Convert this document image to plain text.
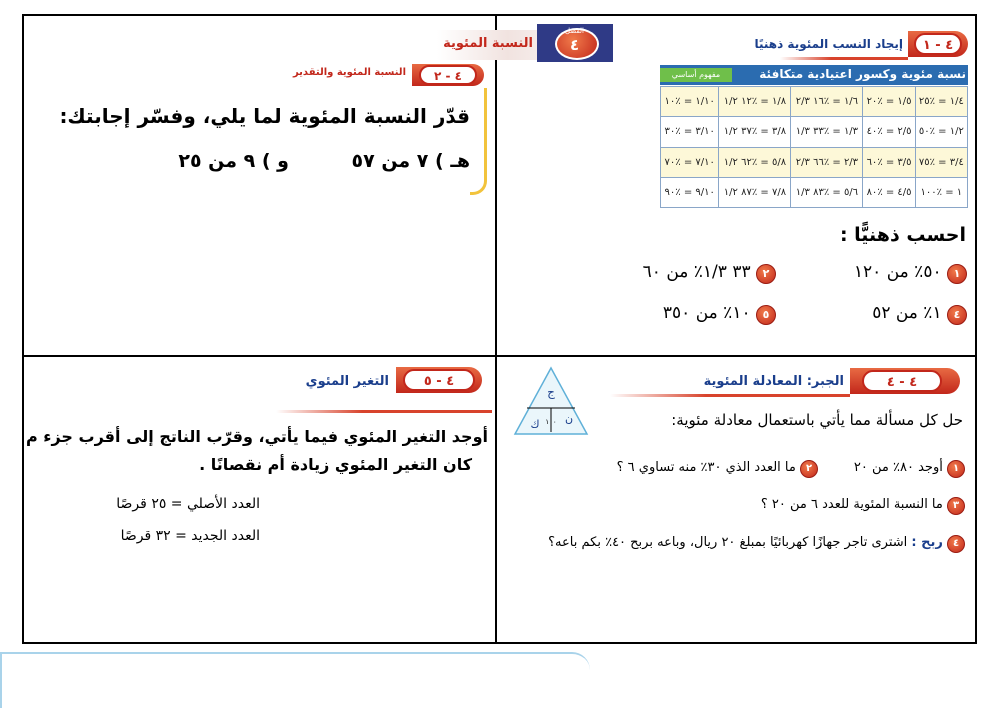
الفصل
٤
النسبة المئوية	٤ - ١
إيجاد النسب المئوية ذهنيًا
مفهوم أساسي	نسبة مئوية وكسور اعتيادية متكافئة
١/٤ = ٪٢٥	١/٥ = ٪٢٠	١/٦ = ٪١٦ ٢/٣	١/٨ = ٪١٢ ١/٢	١/١٠ = ٪١٠
١/٢ = ٪٥٠	٢/٥ = ٪٤٠	١/٣ = ٪٣٣ ١/٣	٣/٨ = ٪٣٧ ١/٢	٣/١٠ = ٪٣٠
٣/٤ = ٪٧٥	٣/٥ = ٪٦٠	٢/٣ = ٪٦٦ ٢/٣	٥/٨ = ٪٦٢ ١/٢	٧/١٠ = ٪٧٠
١ = ٪١٠٠	٤/٥ = ٪٨٠	٥/٦ = ٪٨٣ ١/٣	٧/٨ = ٪٨٧ ١/٢	٩/١٠ = ٪٩٠
احسب ذهنيًّا :
١ ٥٠٪ من ١٢٠
٢ ٣٣ ١/٣٪ من ٦٠
٤ ١٪ من ٥٢
٥ ١٠٪ من ٣٥٠
٤ - ٢
النسبة المئوية والتقدير
قدّر النسبة المئوية لما يلي، وفسّر إجابتك:
هـ ) ٧ من ٥٧
و ) ٩ من ٢٥
٤ - ٤
الجبر: المعادلة المئوية
ج
ن
ك ١٠٠	حل كل مسألة مما يأتي باستعمال معادلة مئوية:
١ أوجد ٨٠٪ من ٢٠
٢ ما العدد الذي ٣٠٪ منه تساوي ٦ ؟
٣ ما النسبة المئوية للعدد ٦ من ٢٠ ؟
٤ ربح : اشترى تاجر جهازًا كهربائيًا بمبلغ ٢٠ ريال، وباعه بربح ٤٠٪ بكم باعه؟
٤ - ٥
التغير المئوي
أوجد التغير المئوي فيما يأتي، وقرّب الناتج إلى أقرب جزء م
كان التغير المئوي زيادة أم نقصانًا .
العدد الأصلي = ٢٥ قرصًا
العدد الجديد = ٣٢ قرصًا
